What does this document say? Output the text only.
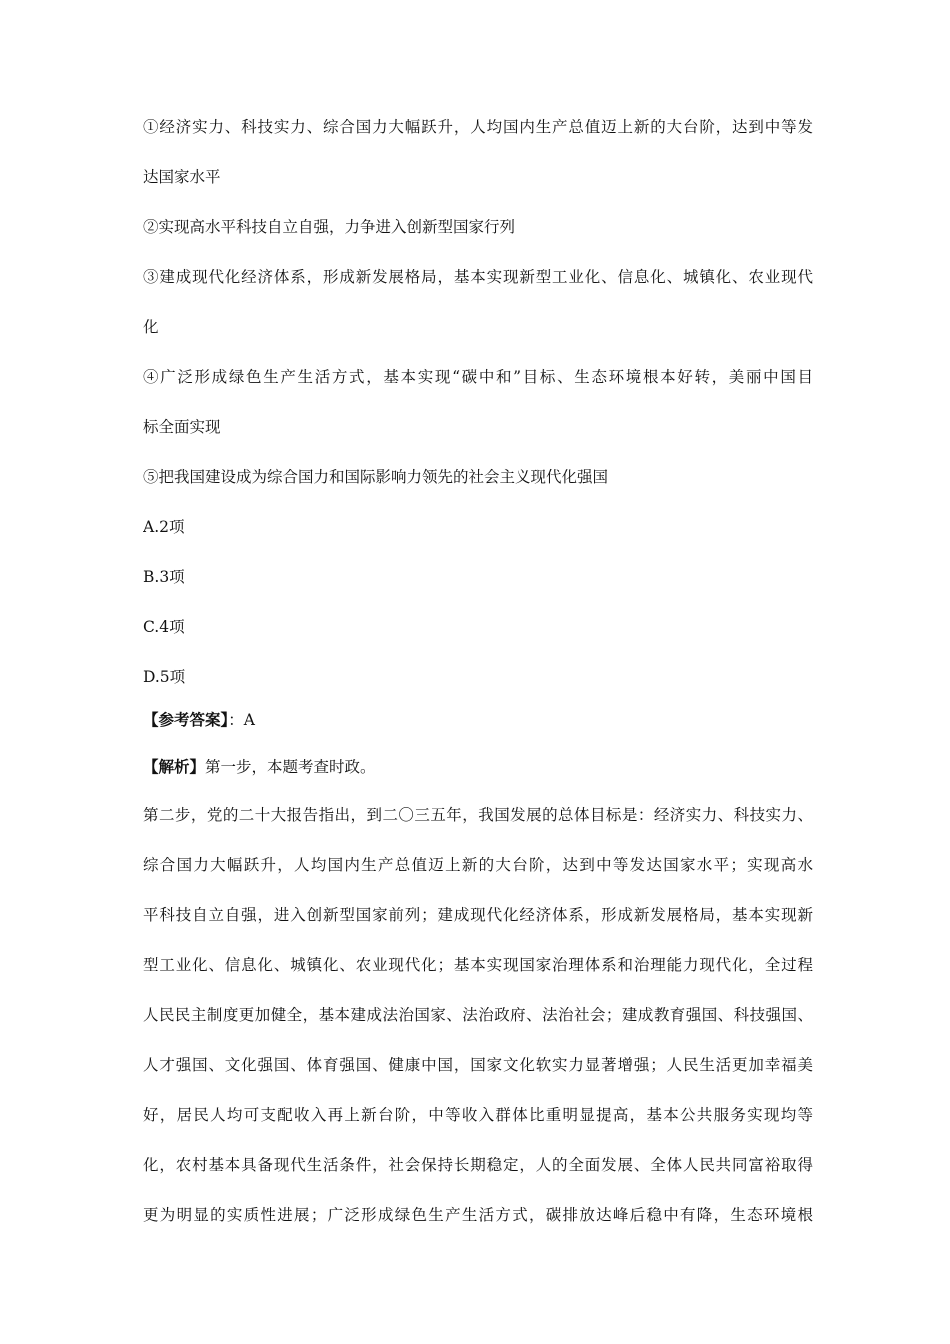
①经济实力、科技实力、综合国力大幅跃升，人均国内生产总值迈上新的大台阶，达到中等发
达国家水平
②实现高水平科技自立自强，力争进入创新型国家行列
③建成现代化经济体系，形成新发展格局，基本实现新型工业化、信息化、城镇化、农业现代
化
④广泛形成绿色生产生活方式，基本实现“碳中和”目标、生态环境根本好转，美丽中国目
标全面实现
⑤把我国建设成为综合国力和国际影响力领先的社会主义现代化强国
A.2项
B.3项
C.4项
D.5项
【参考答案】：A
【解析】第一步，本题考查时政。
第二步，党的二十大报告指出，到二〇三五年，我国发展的总体目标是：经济实力、科技实力、
综合国力大幅跃升，人均国内生产总值迈上新的大台阶，达到中等发达国家水平；实现高水
平科技自立自强，进入创新型国家前列；建成现代化经济体系，形成新发展格局，基本实现新
型工业化、信息化、城镇化、农业现代化；基本实现国家治理体系和治理能力现代化，全过程
人民民主制度更加健全，基本建成法治国家、法治政府、法治社会；建成教育强国、科技强国、
人才强国、文化强国、体育强国、健康中国，国家文化软实力显著增强；人民生活更加幸福美
好，居民人均可支配收入再上新台阶，中等收入群体比重明显提高，基本公共服务实现均等
化，农村基本具备现代生活条件，社会保持长期稳定，人的全面发展、全体人民共同富裕取得
更为明显的实质性进展；广泛形成绿色生产生活方式，碳排放达峰后稳中有降，生态环境根
